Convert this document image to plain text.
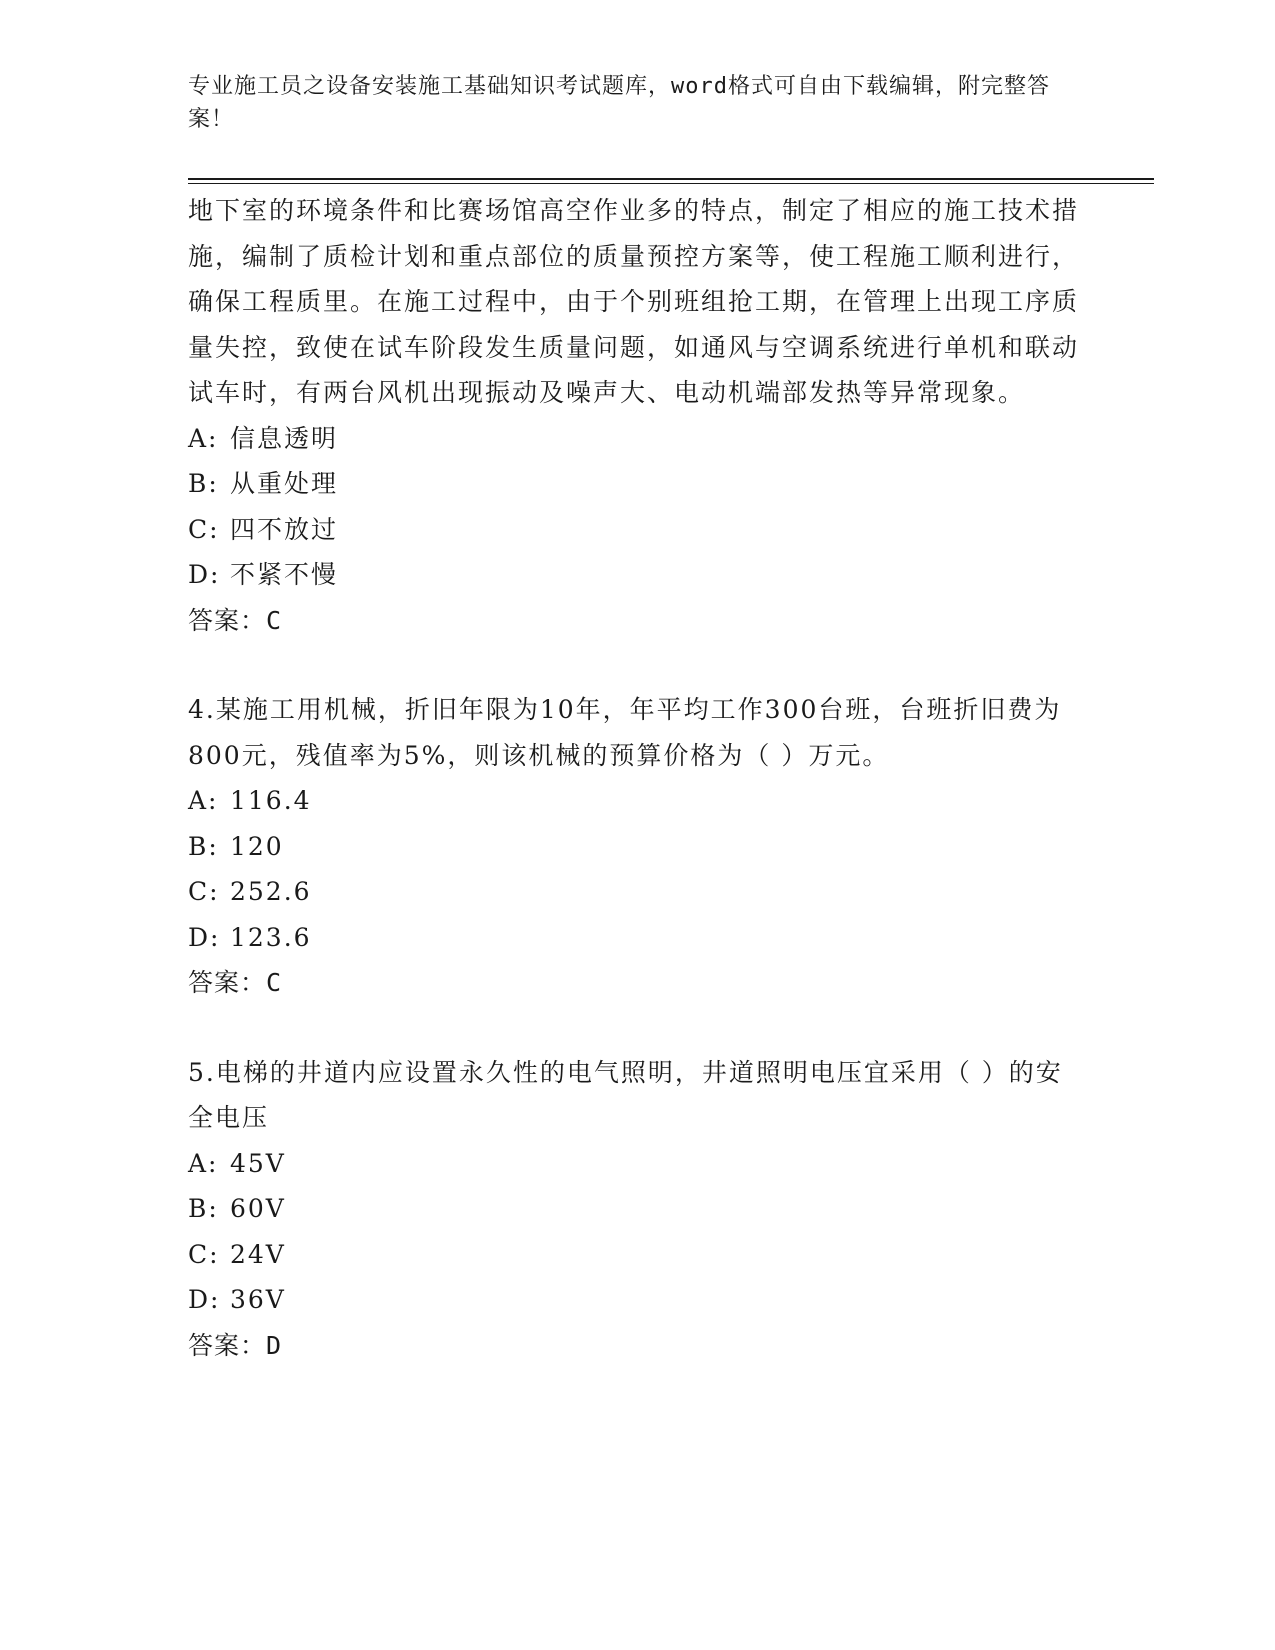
专业施工员之设备安装施工基础知识考试题库，word格式可自由下载编辑，附完整答案！

地下室的环境条件和比赛场馆高空作业多的特点，制定了相应的施工技术措施，编制了质检计划和重点部位的质量预控方案等，使工程施工顺利进行，确保工程质里。在施工过程中，由于个别班组抢工期，在管理上出现工序质量失控，致使在试车阶段发生质量问题，如通风与空调系统进行单机和联动试车时，有两台风机出现振动及噪声大、电动机端部发热等异常现象。

A: 信息透明
B: 从重处理
C: 四不放过
D: 不紧不慢
答案：C

4.某施工用机械，折旧年限为10年，年平均工作300台班，台班折旧费为800元，残值率为5%，则该机械的预算价格为（ ）万元。

A: 116.4
B: 120
C: 252.6
D: 123.6
答案：C

5.电梯的井道内应设置永久性的电气照明，井道照明电压宜采用（ ）的安全电压

A: 45V
B: 60V
C: 24V
D: 36V
答案：D
